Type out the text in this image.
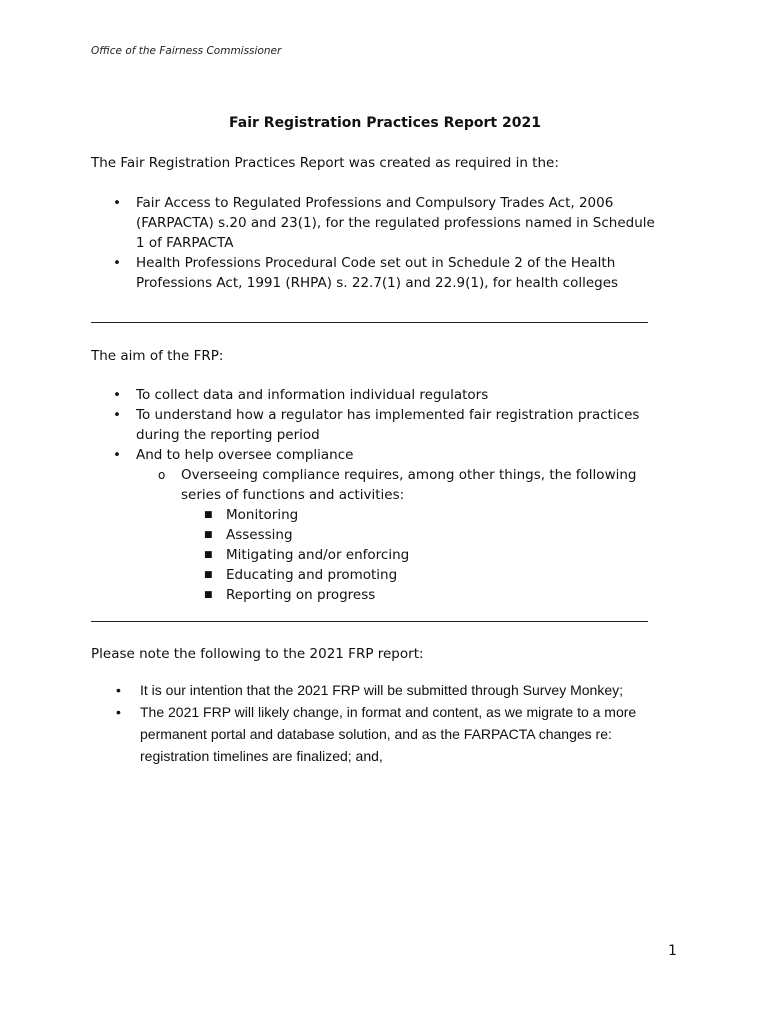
Office of the Fairness Commissioner
Fair Registration Practices Report 2021
The Fair Registration Practices Report was created as required in the:
• Fair Access to Regulated Professions and Compulsory Trades Act, 2006
(FARPACTA) s.20 and 23(1), for the regulated professions named in Schedule
1 of FARPACTA
• Health Professions Procedural Code set out in Schedule 2 of the Health
Professions Act, 1991 (RHPA) s. 22.7(1) and 22.9(1), for health colleges
The aim of the FRP:
• To collect data and information individual regulators
• To understand how a regulator has implemented fair registration practices
during the reporting period
• And to help oversee compliance
o Overseeing compliance requires, among other things, the following
series of functions and activities:
■ Monitoring
■ Assessing
■ Mitigating and/or enforcing
■ Educating and promoting
■ Reporting on progress
Please note the following to the 2021 FRP report:
• It is our intention that the 2021 FRP will be submitted through Survey Monkey;
• The 2021 FRP will likely change, in format and content, as we migrate to a more
permanent portal and database solution, and as the FARPACTA changes re:
registration timelines are finalized; and,
1
